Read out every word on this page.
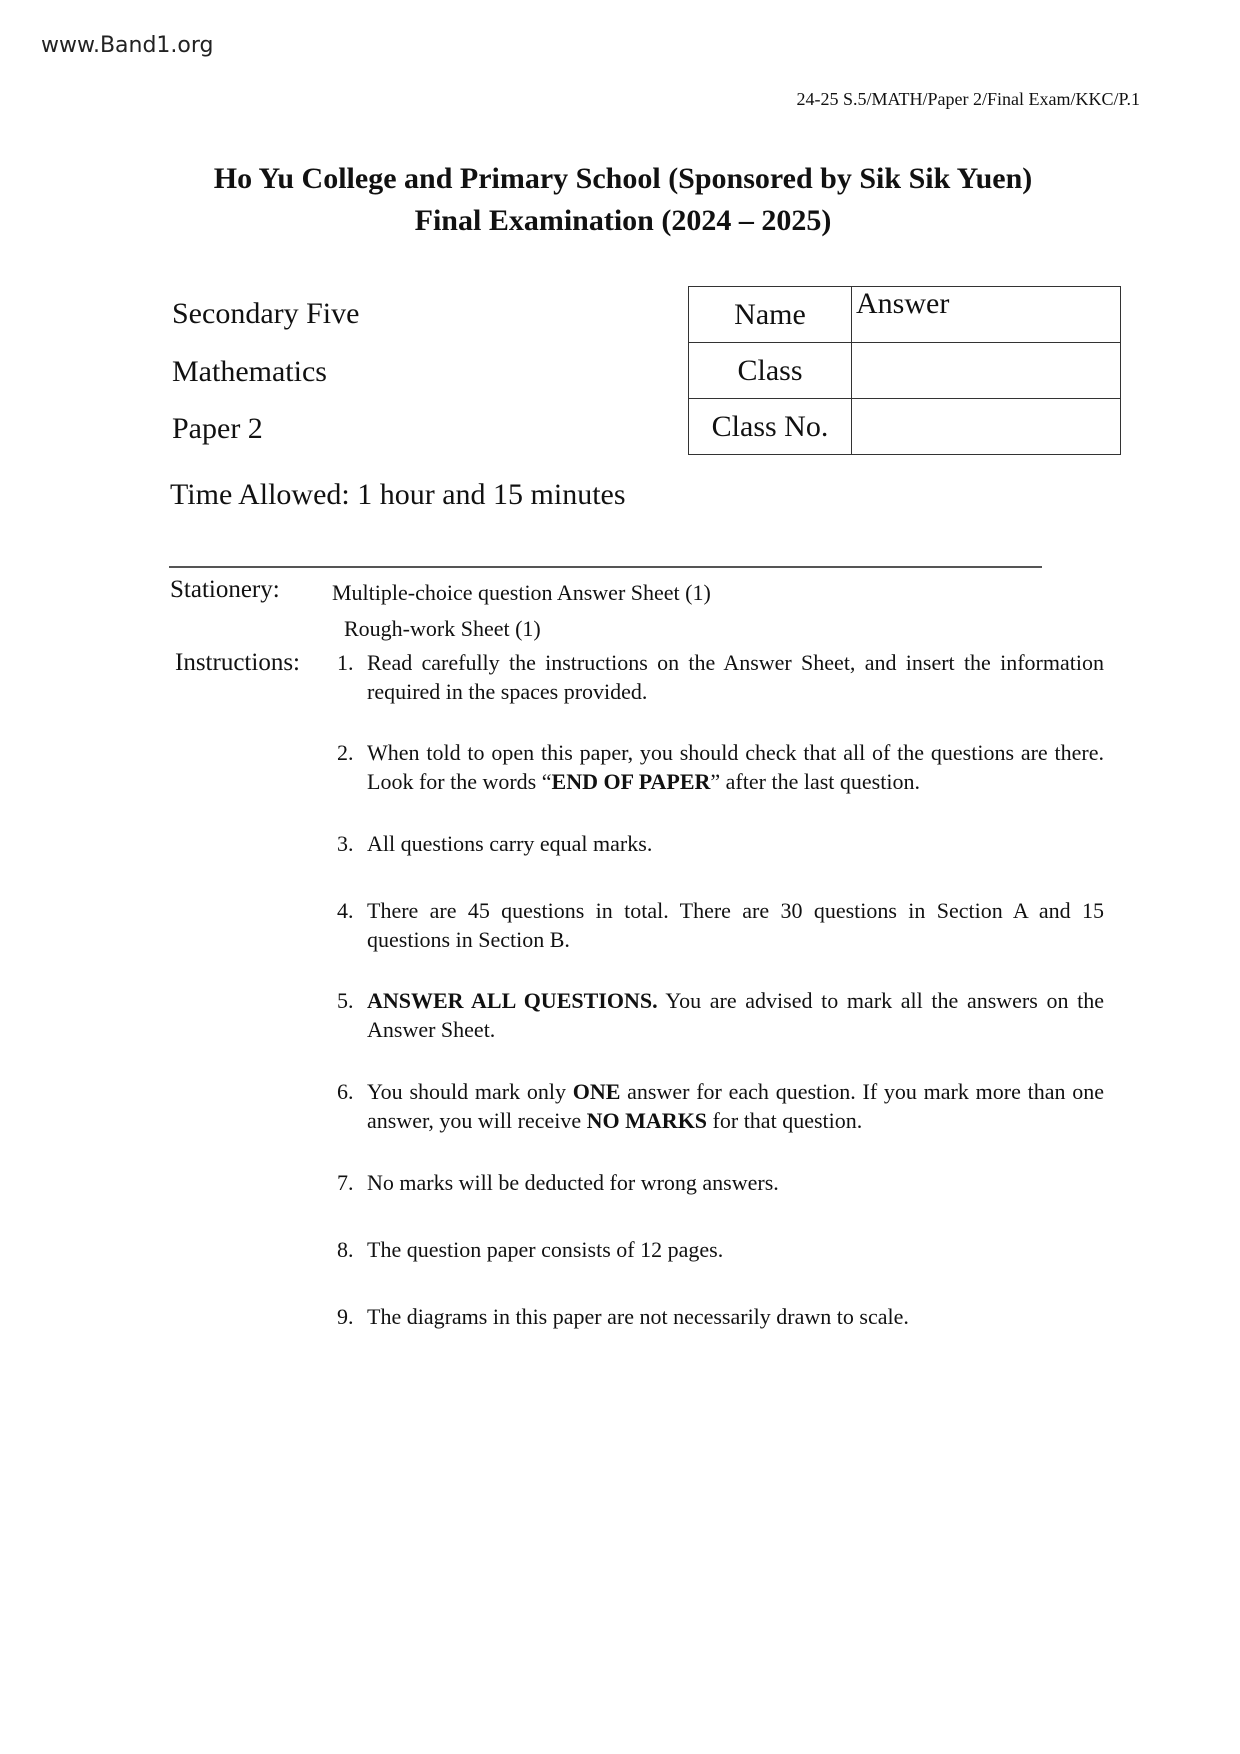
www.Band1.org
24-25 S.5/MATH/Paper 2/Final Exam/KKC/P.1
Ho Yu College and Primary School (Sponsored by Sik Sik Yuen)
Final Examination (2024 – 2025)
Secondary Five
Mathematics
Paper 2
Name	Answer
Class	
Class No.	
Time Allowed: 1 hour and 15 minutes
Stationery: Multiple-choice question Answer Sheet (1)
Rough-work Sheet (1)
Instructions: 1. Read carefully the instructions on the Answer Sheet, and insert the information required in the spaces provided.
2. When told to open this paper, you should check that all of the questions are there. Look for the words “END OF PAPER” after the last question.
3. All questions carry equal marks.
4. There are 45 questions in total. There are 30 questions in Section A and 15 questions in Section B.
5. ANSWER ALL QUESTIONS. You are advised to mark all the answers on the Answer Sheet.
6. You should mark only ONE answer for each question. If you mark more than one answer, you will receive NO MARKS for that question.
7. No marks will be deducted for wrong answers.
8. The question paper consists of 12 pages.
9. The diagrams in this paper are not necessarily drawn to scale.
